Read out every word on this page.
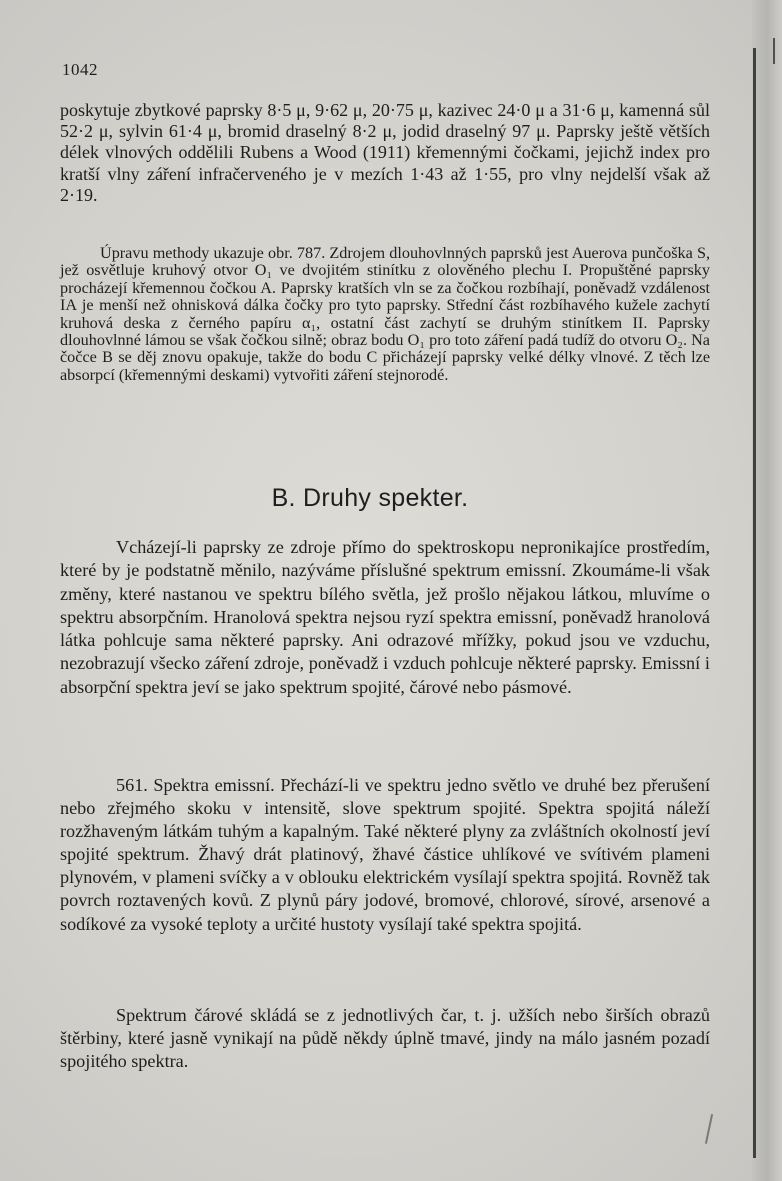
1042
poskytuje zbytkové paprsky 8·5 μ, 9·62 μ, 20·75 μ, kazivec 24·0 μ a 31·6 μ, kamenná sůl 52·2 μ, sylvin 61·4 μ, bromid draselný 8·2 μ, jodid draselný 97 μ. Paprsky ještě větších délek vlnových oddělili Rubens a Wood (1911) křemennými čočkami, jejichž index pro kratší vlny záření infračerveného je v mezích 1·43 až 1·55, pro vlny nejdelší však až 2·19.
Úpravu methody ukazuje obr. 787. Zdrojem dlouhovlnných paprsků jest Auerova punčoška S, jež osvětluje kruhový otvor O₁ ve dvojitém stinítku z olověného plechu I. Propuštěné paprsky procházejí křemennou čočkou A. Paprsky kratších vln se za čočkou rozbíhají, poněvadž vzdálenost IA je menší než ohnisková dálka čočky pro tyto paprsky. Střední část rozbíhavého kužele zachytí kruhová deska z černého papíru α₁, ostatní část zachytí se druhým stinítkem II. Paprsky dlouhovlnné lámou se však čočkou silně; obraz bodu O₁ pro toto záření padá tudíž do otvoru O₂. Na čočce B se děj znovu opakuje, takže do bodu C přicházejí paprsky velké délky vlnové. Z těch lze absorpcí (křemennými deskami) vytvořiti záření stejnorodé.
B. Druhy spekter.
Vcházejí-li paprsky ze zdroje přímo do spektroskopu nepronikajíce prostředím, které by je podstatně měnilo, nazýváme příslušné spektrum emissní. Zkoumáme-li však změny, které nastanou ve spektru bílého světla, jež prošlo nějakou látkou, mluvíme o spektru absorpčním. Hranolová spektra nejsou ryzí spektra emissní, poněvadž hranolová látka pohlcuje sama některé paprsky. Ani odrazové mřížky, pokud jsou ve vzduchu, nezobrazují všecko záření zdroje, poněvadž i vzduch pohlcuje některé paprsky. Emissní i absorpční spektra jeví se jako spektrum spojité, čárové nebo pásmové.
561. Spektra emissní. Přechází-li ve spektru jedno světlo ve druhé bez přerušení nebo zřejmého skoku v intensitě, slove spektrum spojité. Spektra spojitá náleží rozžhaveným látkám tuhým a kapalným. Také některé plyny za zvláštních okolností jeví spojité spektrum. Žhavý drát platinový, žhavé částice uhlíkové ve svítivém plameni plynovém, v plameni svíčky a v oblouku elektrickém vysílají spektra spojitá. Rovněž tak povrch roztavených kovů. Z plynů páry jodové, bromové, chlorové, sírové, arsenové a sodíkové za vysoké teploty a určité hustoty vysílají také spektra spojitá.
Spektrum čárové skládá se z jednotlivých čar, t. j. užších nebo širších obrazů štěrbiny, které jasně vynikají na půdě někdy úplně tmavé, jindy na málo jasném pozadí spojitého spektra.
